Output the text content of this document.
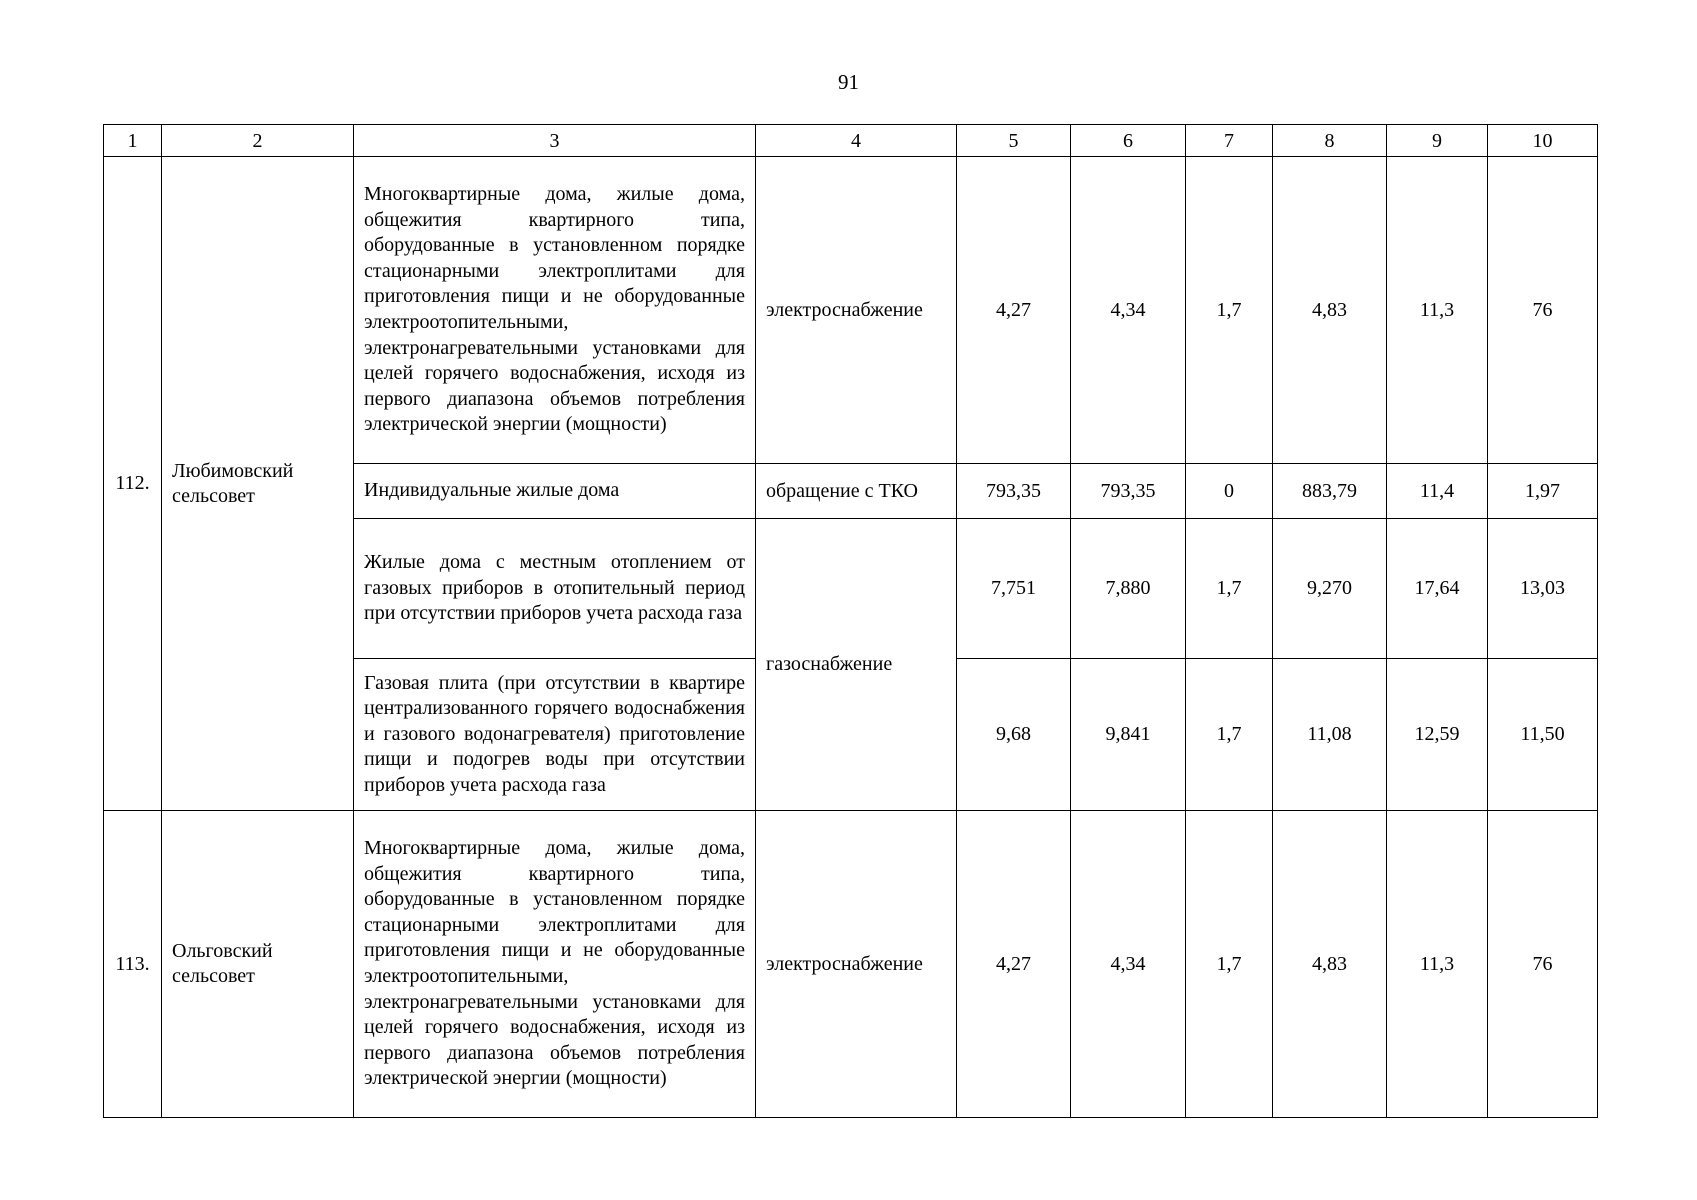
91
1	2	3	4	5	6	7	8	9	10
112.	Любимовский сельсовет	Многоквартирные дома, жилые дома, общежития квартирного типа, оборудованные в установленном порядке стационарными электроплитами для приготовления пищи и не оборудованные электроотопительными, электронагревательными установками для целей горячего водоснабжения, исходя из первого диапазона объемов потребления электрической энергии (мощности)	электроснабжение	4,27	4,34	1,7	4,83	11,3	76
		Индивидуальные жилые дома	обращение с ТКО	793,35	793,35	0	883,79	11,4	1,97
		Жилые дома с местным отоплением от газовых приборов в отопительный период при отсутствии приборов учета расхода газа	газоснабжение	7,751	7,880	1,7	9,270	17,64	13,03
		Газовая плита (при отсутствии в квартире централизованного горячего водоснабжения и газового водонагревателя) приготовление пищи и подогрев воды при отсутствии приборов учета расхода газа		9,68	9,841	1,7	11,08	12,59	11,50
113.	Ольговский сельсовет	Многоквартирные дома, жилые дома, общежития квартирного типа, оборудованные в установленном порядке стационарными электроплитами для приготовления пищи и не оборудованные электроотопительными, электронагревательными установками для целей горячего водоснабжения, исходя из первого диапазона объемов потребления электрической энергии (мощности)	электроснабжение	4,27	4,34	1,7	4,83	11,3	76
